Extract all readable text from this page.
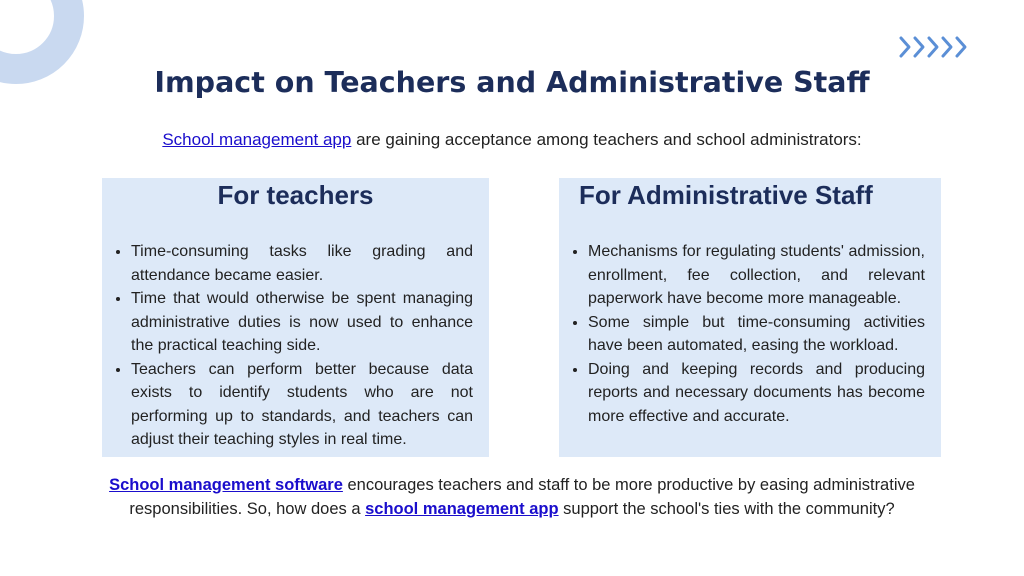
Impact on Teachers and Administrative Staff
School management app are gaining acceptance among teachers and school administrators:
For teachers
• Time-consuming tasks like grading and attendance became easier.
• Time that would otherwise be spent managing administrative duties is now used to enhance the practical teaching side.
• Teachers can perform better because data exists to identify students who are not performing up to standards, and teachers can adjust their teaching styles in real time.
For Administrative Staff
• Mechanisms for regulating students' admission, enrollment, fee collection, and relevant paperwork have become more manageable.
• Some simple but time-consuming activities have been automated, easing the workload.
• Doing and keeping records and producing reports and necessary documents has become more effective and accurate.
School management software encourages teachers and staff to be more productive by easing administrative responsibilities. So, how does a school management app support the school's ties with the community?
